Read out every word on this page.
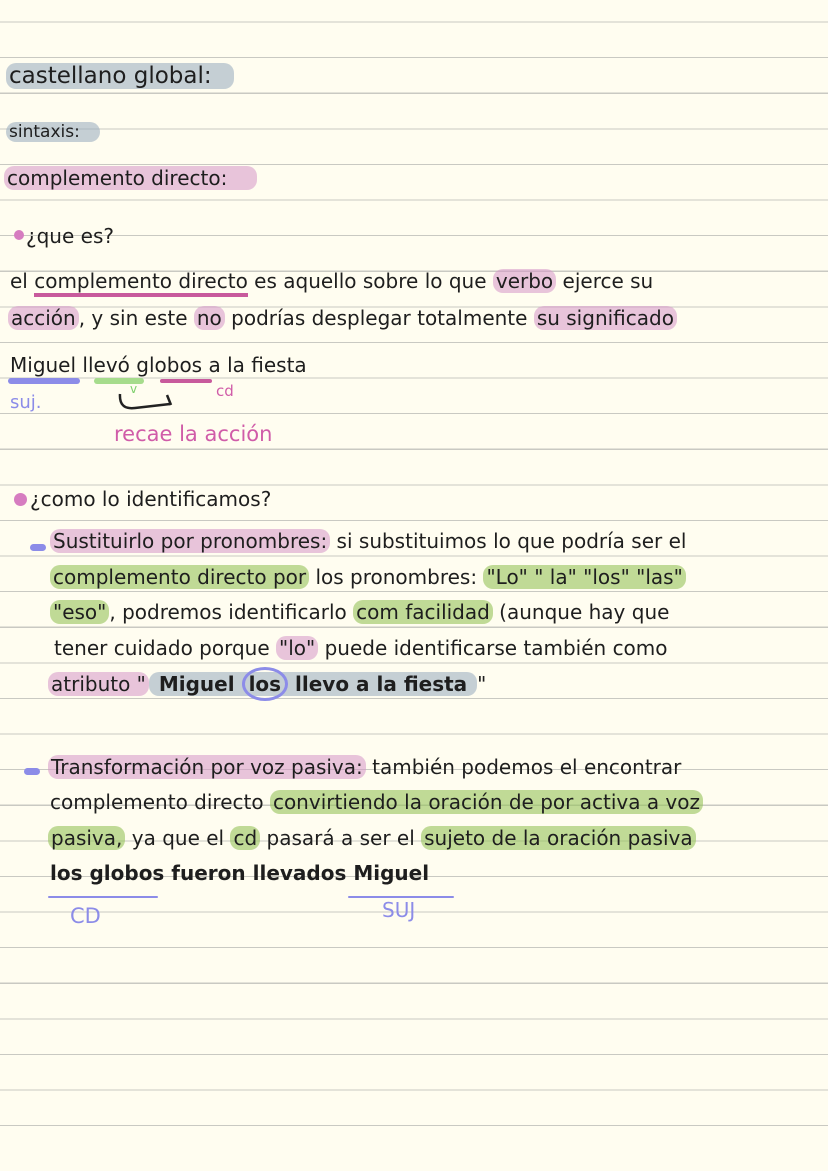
castellano global:
sintaxis:
complemento directo:
¿que es?
el complemento directo es aquello sobre lo que verbo ejerce su
acción , y sin este no podrías desplegar totalmente su significado
Miguel llevó globos a la fiesta
suj.
v	cd
recae la acción
¿como lo identificamos?
Sustituirlo por pronombres: si substituimos lo que podría ser el
complemento directo por los pronombres: "Lo" " la" "los" "las"
"eso" , podremos identificarlo com facilidad (aunque hay que
tener cuidado porque "lo" puede identificarse también como
atributo " Miguel los llevo a la fiesta "
Transformación por voz pasiva: también podemos el encontrar
complemento directo convirtiendo la oración de por activa a voz
pasiva, ya que el cd pasará a ser el sujeto de la oración pasiva
los globos fueron llevados Miguel
CD	SUJ
